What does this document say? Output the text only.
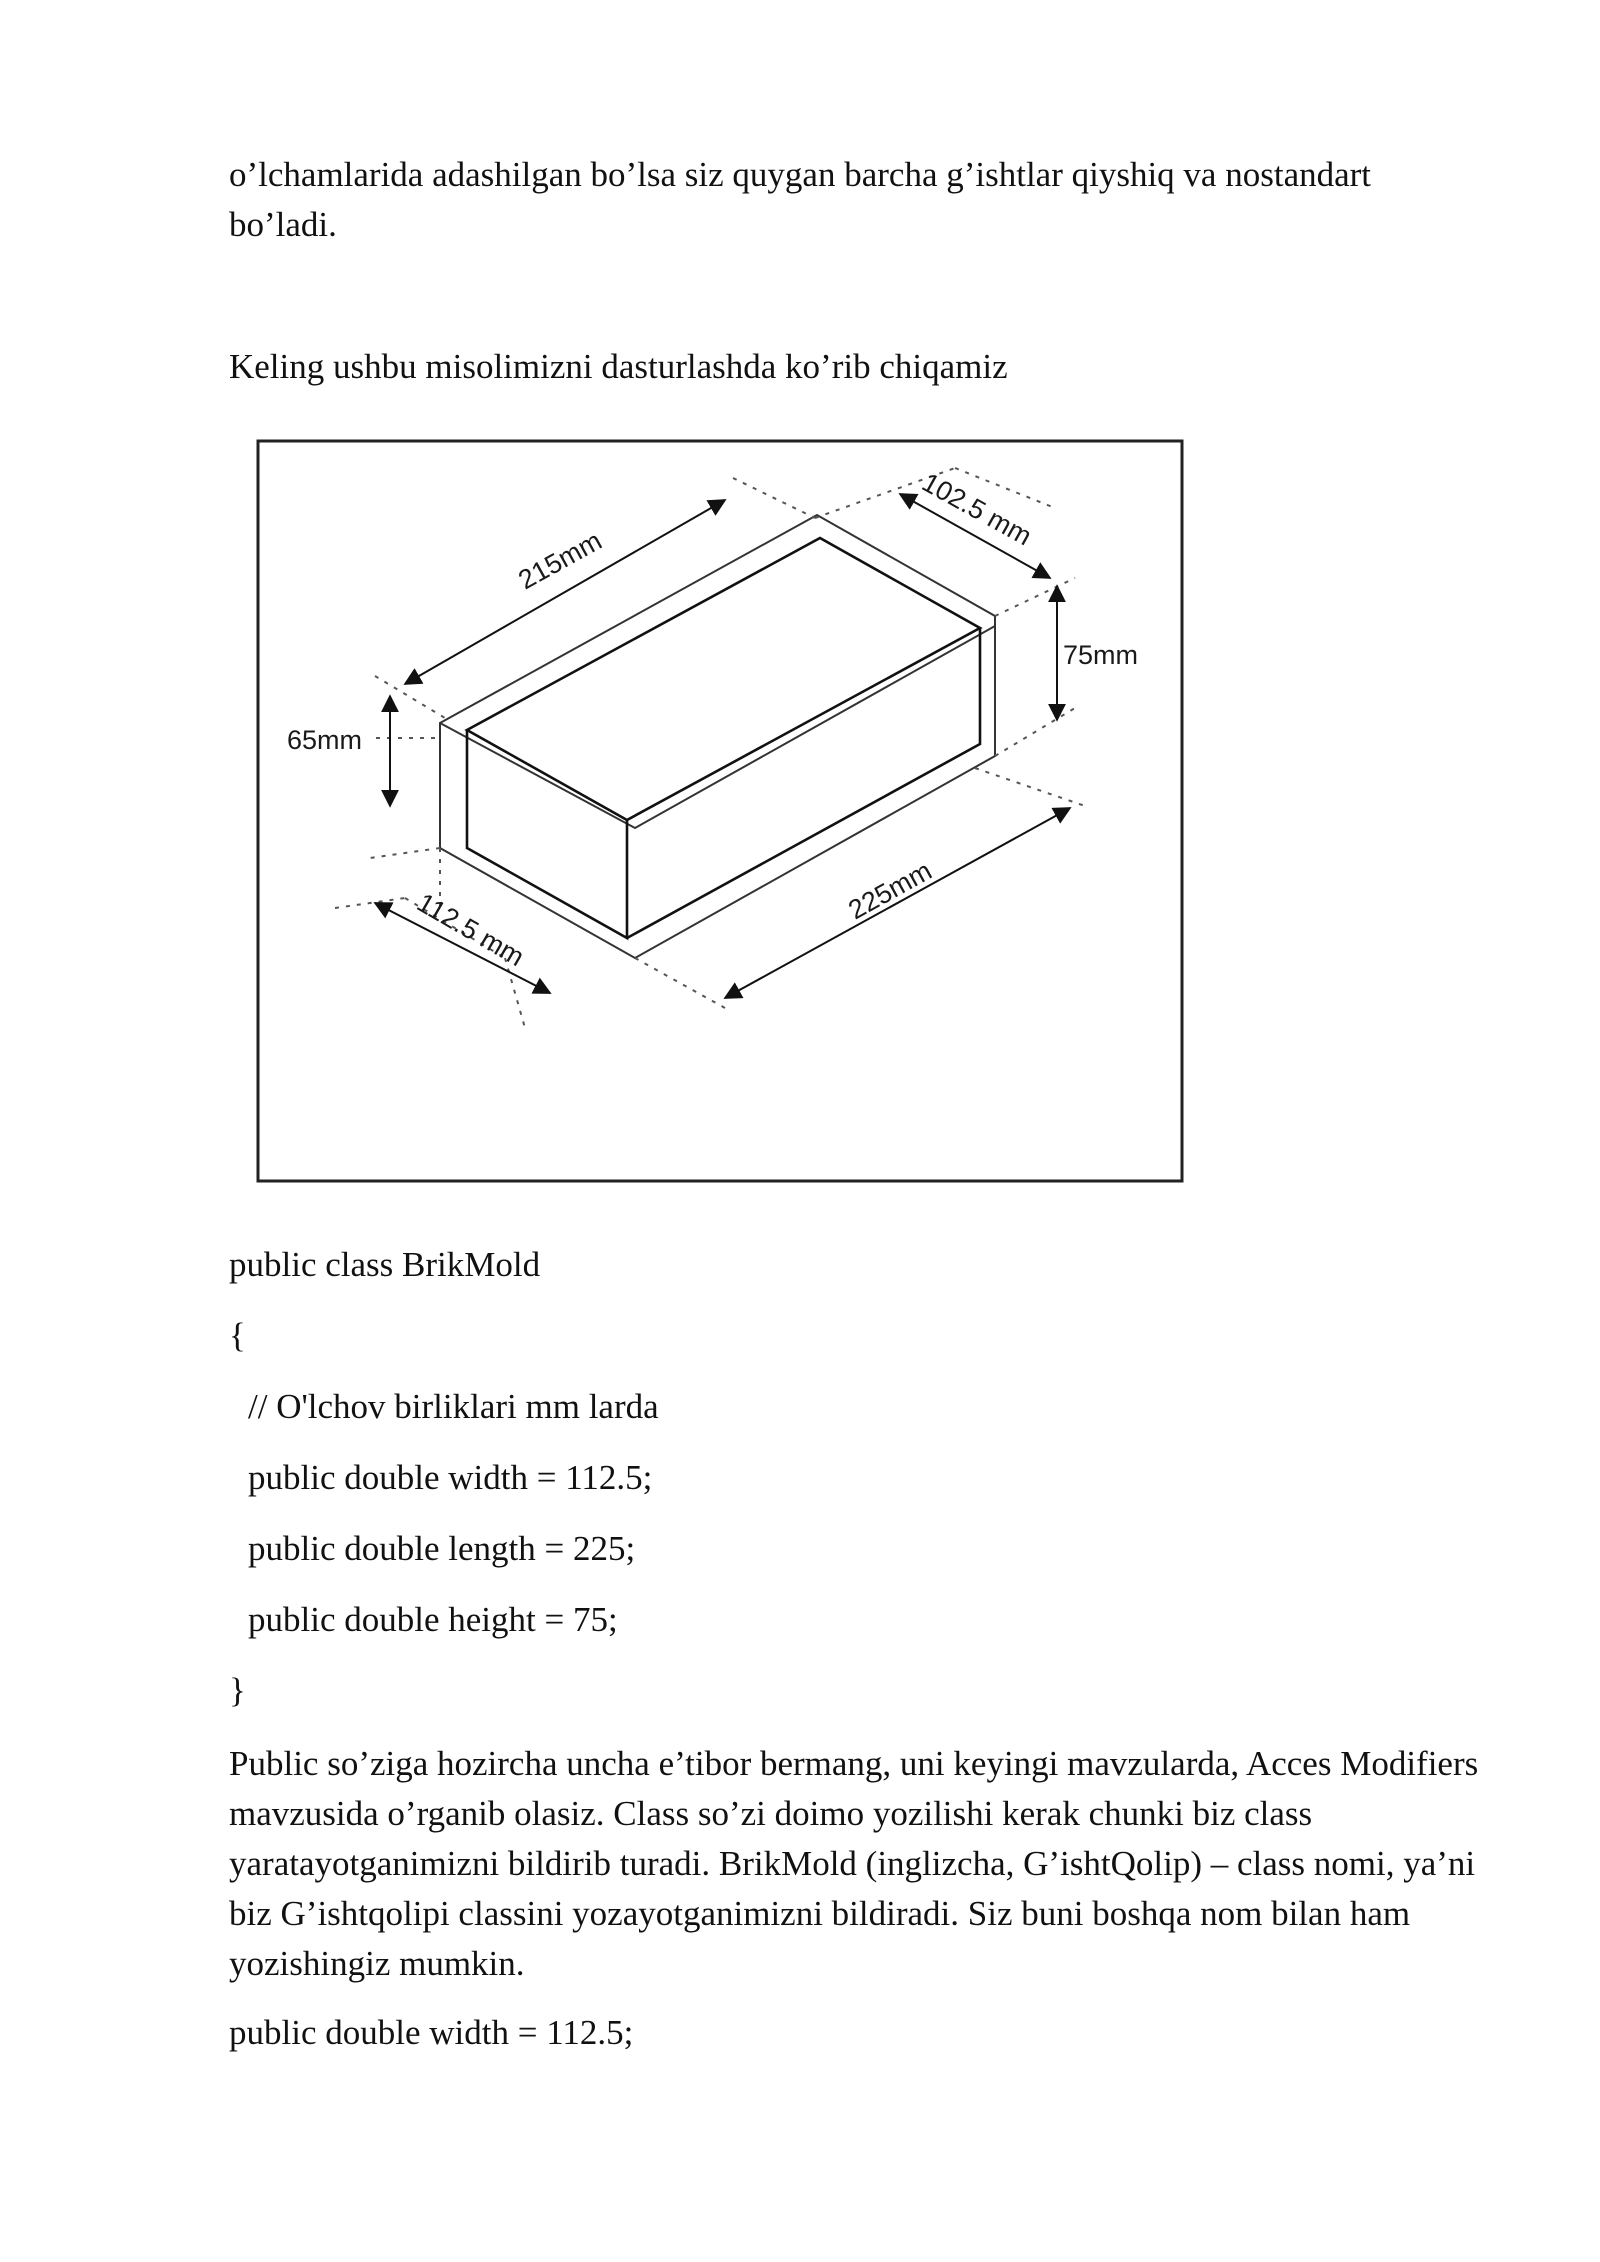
o’lchamlarida adashilgan bo’lsa siz quygan barcha g’ishtlar qiyshiq va nostandart bo’ladi.

Keling ushbu misolimizni dasturlashda ko’rib chiqamiz

215mm
102.5 mm
75mm
65mm
112.5 mm	225mm

public class BrikMold

{

// O'lchov birliklari mm larda

public double width = 112.5;

public double length = 225;

public double height = 75;

}

Public so’ziga hozircha uncha e’tibor bermang, uni keyingi mavzularda, Acces Modifiers mavzusida o’rganib olasiz. Class so’zi doimo yozilishi kerak chunki biz class yaratayotganimizni bildirib turadi. BrikMold (inglizcha, G’ishtQolip) – class nomi, ya’ni biz G’ishtqolipi classini yozayotganimizni bildiradi. Siz buni boshqa nom bilan ham yozishingiz mumkin.

public double width = 112.5;
